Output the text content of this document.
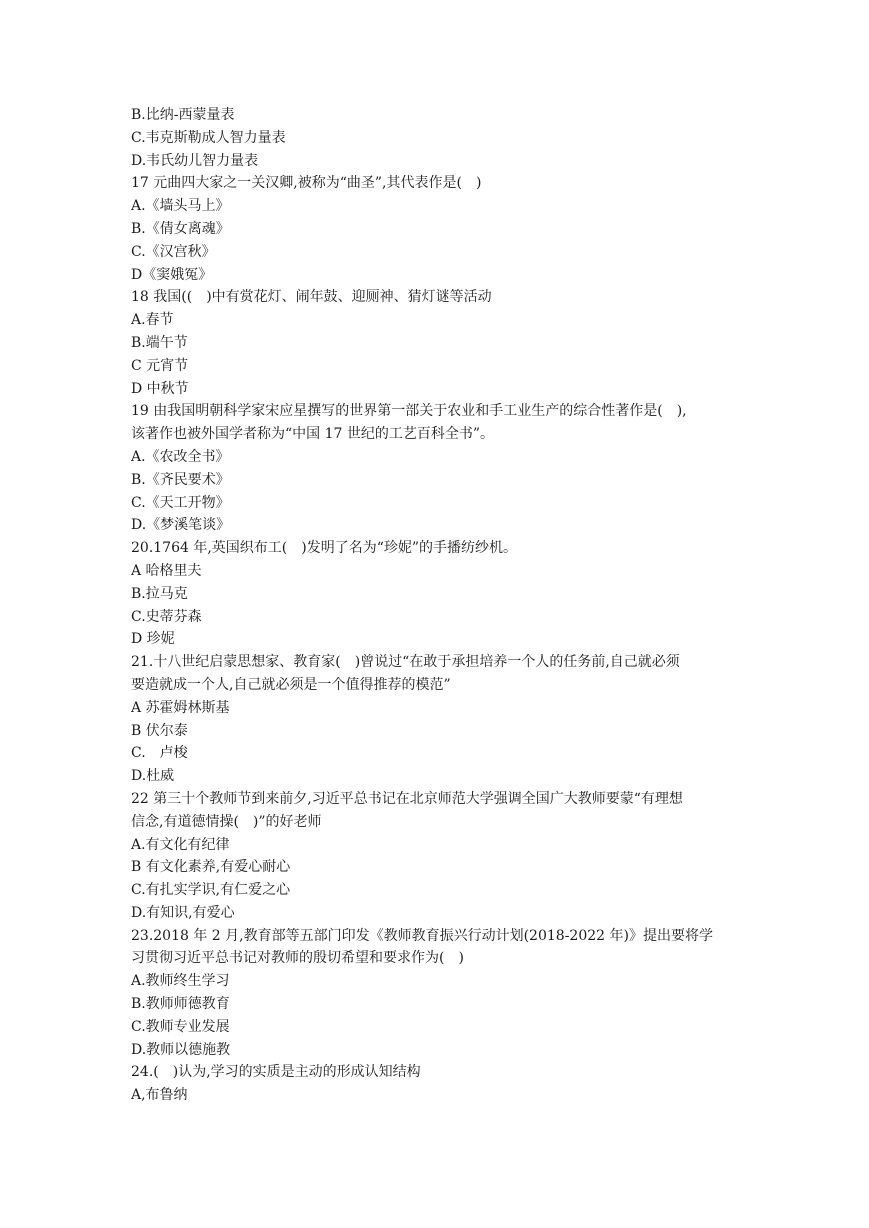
B.比纳-西蒙量表
C.韦克斯勒成人智力量表
D.韦氏幼儿智力量表
17 元曲四大家之一关汉卿,被称为“曲圣”,其代表作是(　)
A.《墙头马上》
B.《倩女离魂》
C.《汉宫秋》
D《窦娥冤》
18 我国((　)中有赏花灯、闹年鼓、迎厕神、猜灯谜等活动
A.春节
B.端午节
C 元宵节
D 中秋节
19 由我国明朝科学家宋应星撰写的世界第一部关于农业和手工业生产的综合性著作是(　),
该著作也被外国学者称为“中国 17 世纪的工艺百科全书”。
A.《农改全书》
B.《齐民要术》
C.《天工开物》
D.《梦溪笔谈》
20.1764 年,英国织布工(　)发明了名为“珍妮”的手播纺纱机。
A 哈格里夫
B.拉马克
C.史蒂芬森
D 珍妮
21.十八世纪启蒙思想家、教育家(　)曾说过“在敢于承担培养一个人的任务前,自己就必须
要造就成一个人,自己就必须是一个值得推荐的模范”
A 苏霍姆林斯基
B 伏尔泰
C.　卢梭
D.杜威
22 第三十个教师节到来前夕,习近平总书记在北京师范大学强调全国广大教师要蒙“有理想
信念,有道德情操(　)”的好老师
A.有文化有纪律
B 有文化素养,有爱心耐心
C.有扎实学识,有仁爱之心
D.有知识,有爱心
23.2018 年 2 月,教育部等五部门印发《教师教育振兴行动计划(2018-2022 年)》提出要将学
习贯彻习近平总书记对教师的殷切希望和要求作为(　)
A.教师终生学习
B.教师师德教育
C.教师专业发展
D.教师以德施教
24.(　)认为,学习的实质是主动的形成认知结构
A,布鲁纳
